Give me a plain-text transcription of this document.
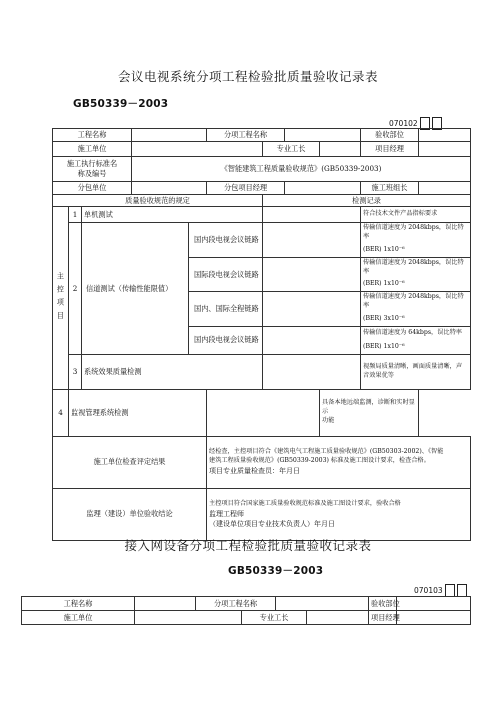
会议电视系统分项工程检验批质量验收记录表
GB50339－2003
070102
工程名称					分项工程名称				验收部位	
施工单位						专业工长			项目经理	

施工执行标准名
称及编号			《智能建筑工程质量验收规范》(GB50339-2003)							
分包单位					分包项目经理				施工班组长	
质量验收规范的规定						检测记录				
主控项目	1	单机测试							符合技术文件产品指标要求	
	2	信道测试（传输性能限值）		国内段电视会议链路					传输信道速度为 2048kbps，误比特率	
									(BER) 1x10⁻⁶	
				国际段电视会议链路					传输信道速度为 2048kbps，误比特率	
									(BER) 1x10⁻⁶	
				国内、国际全程链路					传输信道速度为 2048kbps，误比特率	
									(BER) 3x10⁻⁶	
				国内段电视会议链路					传输信道速度为 64kbps，误比特率	
									(BER) 1x10⁻⁶	
	3	系统效果质量检测							视频局质量清晰，画面质量清晰，声
音效果优等	

4	监视管理系统检测							具备本地远端监测，诊断和实时显示
功能		

施工单位检查评定结果					经检查，主控项目符合《建筑电气工程施工质量验收规范》(GB50303-2002)、《智能
建筑工程质量验收规范》(GB50339-2003) 标准及施工图设计要求，检查合格。
项目专业质量检查员：年月日					

监理（建设）单位验收结论					主控项目符合国家施工质量验收规范标准及施工图设计要求，验收合格
监理工程师
（建设单位项目专业技术负责人）年月日					
接入网设备分项工程检验批质量验收记录表
GB50339－2003
070103
工程名称		分项工程名称				验收部位	
施工单位			专业工长			项目经理	
